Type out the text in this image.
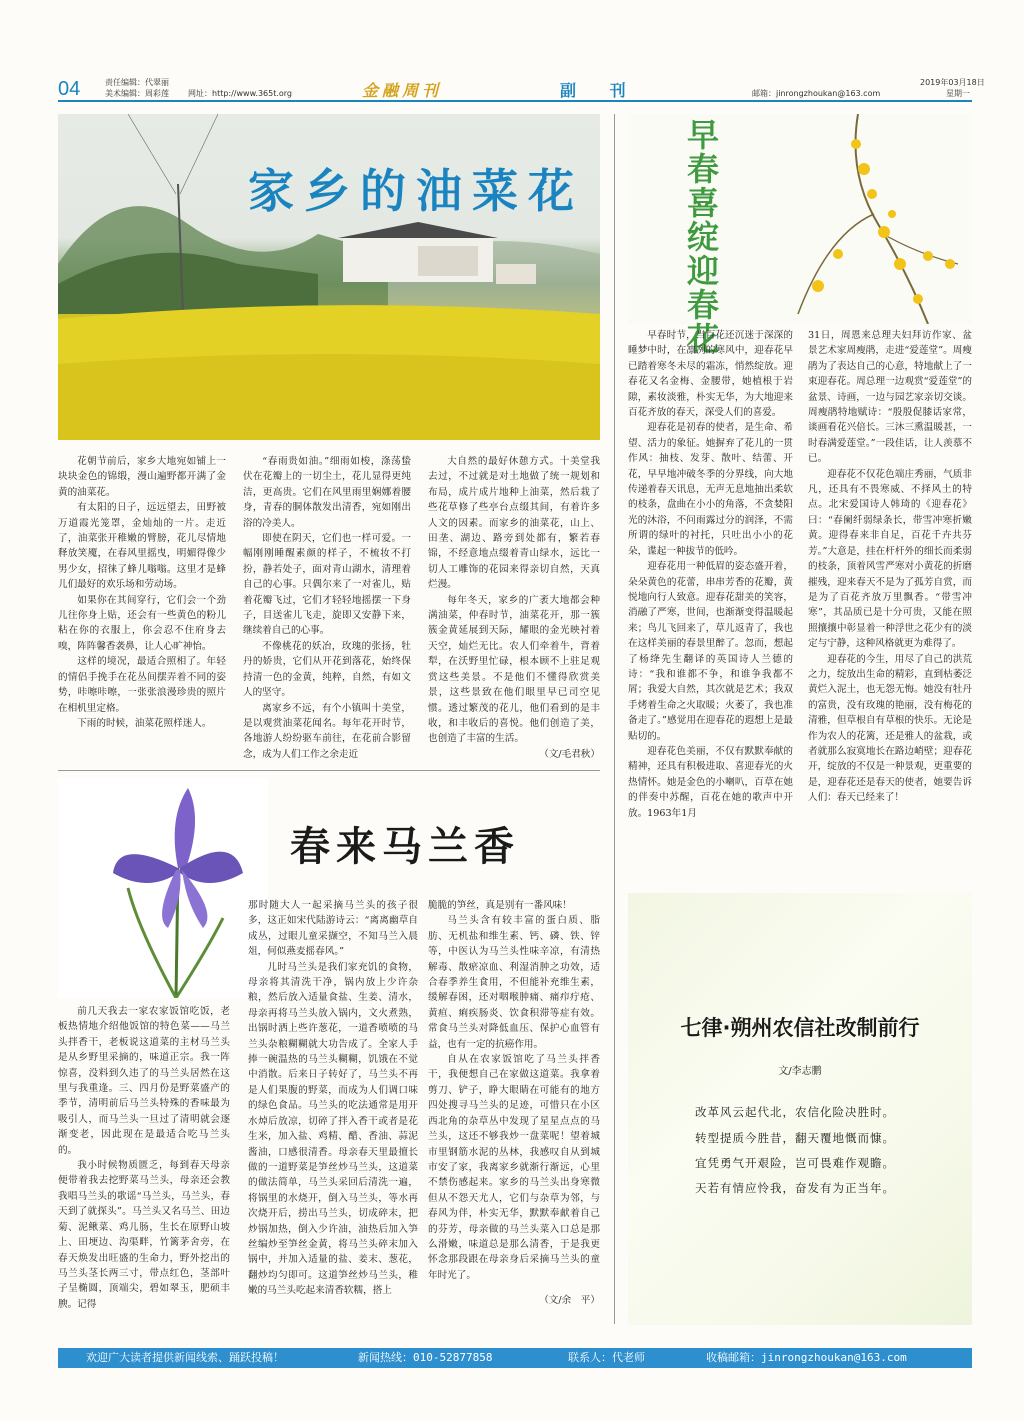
04	责任编辑：代翠丽
美术编辑：周彩莲 网址：http://www.365t.org	金融周刊	副 刊	邮箱：jinrongzhoukan@163.com
2019年03月18日
星期一
家乡的油菜花

花朝节前后，家乡大地宛如铺上一块块金色的锦缎，漫山遍野都开满了金黄的油菜花。

有太阳的日子，远远望去，田野被万道霞光笼罩，金灿灿的一片。走近了，油菜张开稚嫩的臂膀，花儿尽情地释放笑魇，在春风里摇曳，明媚得像少男少女，招徕了蜂儿嗡嗡。这里才是蜂儿们最好的欢乐场和劳动场。

如果你在其间穿行，它们会一个劲儿往你身上贴，还会有一些黄色的粉儿粘在你的衣服上，你会忍不住府身去嗅，阵阵馨香袭鼻，让人心旷神怡。

这样的境况，最适合照相了。年轻的情侣手挽手在花丛间摆弄着不同的姿势，咔嚓咔嚓，一张张浪漫珍贵的照片在相机里定格。

下雨的时候，油菜花照样迷人。

“春雨贵如油。”细雨如梭，涤荡蛰伏在花瓣上的一切尘土，花儿显得更纯洁，更高贵。它们在风里雨里娴娜着腰身，青春的胴体散发出清香，宛如刚出浴的冷美人。

即使在阴天，它们也一样可爱。一幅刚刚睡醒素颜的样子，不梳妆不打扮，静若处子，面对青山湖水，清理着自己的心事。只偶尔来了一对雀儿，贴着花瓣飞过，它们才轻轻地摇摆一下身子，目送雀儿飞走，旋即又安静下来，继续着自己的心事。

不像桃花的妖冶，玫瑰的张扬，牡丹的娇贵，它们从开花到落花，始终保持清一色的金黄，纯粹，自然，有如文人的坚守。

离家乡不远，有个小镇叫十美堂，是以观赏油菜花闻名。每年花开时节，各地游人纷纷驱车前往，在花前合影留念，成为人们工作之余走近

大自然的最好休憩方式。十美堂我去过，不过就是对土地做了统一规划和布局，成片成片地种上油菜，然后栽了些花草修了些亭台点缀其间，有着许多人文的因素。而家乡的油菜花，山上、田垄、湖边、路旁到处都有，繁若春锦，不经意地点缀着青山绿水，远比一切人工雕饰的花园来得亲切自然，天真烂漫。

每年冬天，家乡的广袤大地都会种满油菜，仲春时节，油菜花开，那一簇簇金黄延展到天际，耀眼的金光映衬着天空，灿烂无比。农人们牵着牛，背着犁，在沃野里忙碌，根本顾不上驻足观赏这些美景。不是他们不懂得欣赏美景，这些景致在他们眼里早已司空见惯。透过繁茂的花儿，他们看到的是丰收，和丰收后的喜悦。他们创造了美，也创造了丰富的生活。

（文/毛君秋）
早春喜绽迎春花

早春时节，当百花还沉迷于深深的睡梦中时，在凛冽的寒风中，迎春花早已踏着寒冬未尽的霜冻，悄然绽放。迎春花又名金梅、金腰带，她植根于岩隙，素妆淡雅，朴实无华，为大地迎来百花齐放的春天，深受人们的喜爱。

迎春花是初春的使者，是生命、希望、活力的象征。她摒弃了花儿的一贯作风：抽枝、发芽、散叶、结蕾、开花，早早地冲破冬季的分界线，向大地传递着春天讯息，无声无息地抽出柔软的枝条，盘曲在小小的角落，不贪婪阳光的沐浴，不问雨露过分的润泽，不需所谓的绿叶的衬托，只吐出小小的花朵，谍起一种拔节的低吟。

迎春花用一种低眉的姿态盛开着，朵朵黄色的花蕾，串串芳香的花瓣，黄悦地向行人致意。迎春花甜美的笑容，消融了严寒，世间，也渐渐变得温暖起来；鸟儿飞回来了，草儿返青了，我也在这样美丽的春景里醉了。忽而，想起了杨绛先生翻译的英国诗人兰德的诗：“我和谁都不争，和谁争我都不屑；我爱大自然，其次就是艺术；我双手烤着生命之火取暖；火萎了，我也准备走了。”感觉用在迎春花的遐想上是最贴切的。

迎春花色美丽，不仅有默默奉献的精神，还具有积极进取、喜迎春光的火热情怀。她是金色的小喇叭，百草在她的伴奏中苏醒，百花在她的歌声中开放。1963年1月

31日，周恩来总理夫妇拜访作家、盆景艺术家周瘦鹃，走进“爱莲堂”。周瘦鹃为了表达自己的心意，特地献上了一束迎春花。周总理一边观赏“爱莲堂”的盆景、诗画，一边与园艺家亲切交谈。周瘦鹃特地赋诗：“殷殷促膝话家常，谈画看花兴倍长。三沐三熏温暖甚，一时春满爱莲堂。”一段佳话，让人羡慕不已。

迎春花不仅花色端庄秀丽，气质非凡，还具有不畏寒威、不择风土的特点。北宋爱国诗人韩琦的《迎春花》曰：“春阑纤弱绿条长，带雪冲寒折嫩黄。迎得春来非自足，百花千卉共芬芳。”大意是，挂在杆杆外的细长而柔弱的枝条，顶着风雪严寒对小黄花的折磨摧残，迎来春天不是为了孤芳自赏，而是为了百花齐放万里飘香。“带雪冲寒”，其品质已是十分可贵，又能在照照攘攘中彰显着一种浮世之花少有的淡定与宁静，这种风格就更为难得了。

迎春花的今生，用尽了自己的洪荒之力，绽放出生命的精彩，直到枯萎泛黄烂入泥土，也无怨无悔。她没有牡丹的富贵，没有玫瑰的艳丽，没有梅花的清雅，但草根自有草根的快乐。无论是作为农人的花篱，还是雅人的盆栽，或者就那么寂寞地长在路边峭壁；迎春花开，绽放的不仅是一种景观，更重要的是，迎春花还是春天的使者，她要告诉人们：春天已经来了！

春来马兰香

前几天我去一家农家饭馆吃饭，老板热情地介绍他饭馆的特色菜——马兰头拌香干，老板说这道菜的主材马兰头是从乡野里采摘的，味道正宗。我一阵惊喜，没料到久违了的马兰头居然在这里与我重逢。三、四月份是野菜盛产的季节，清明前后马兰头特殊的香味最为吸引人，而马兰头一旦过了清明就会逐渐变老，因此现在是最适合吃马兰头的。

我小时候物质匮乏，每到春天母亲便带着我去挖野菜马兰头，母亲还会教我唱马兰头的歌谣“马兰头，马兰头，春天到了就探头”。马兰头又名马兰、田边菊、泥鳅菜、鸡儿肠，生长在原野山坡上、田埂边、沟渠畔，竹篱茅舍旁，在春天焕发出旺盛的生命力，野外挖出的马兰头茎长两三寸，带点红色，茎部叶子呈椭圆，顶端尖，碧如翠玉，肥硕丰腴。记得

那时随大人一起采摘马兰头的孩子很多，这正如宋代陆游诗云：“离离幽草自成丛，过眼儿童采撷空，不知马兰入晨俎，何似燕麦摇春风。”

儿时马兰头是我们家充饥的食物，母亲将其清洗干净，锅内放上少许杂粮，然后放入适量食盐、生姜、清水，母亲再将马兰头放入锅内，文火煮熟，出锅时洒上些许葱花，一道香喷喷的马兰头杂粮糊糊就大功告成了。全家人手捧一碗温热的马兰头糊糊，饥饿在不觉中消散。后来日子转好了，马兰头不再是人们果腹的野菜，而成为人们调口味的绿色食品。马兰头的吃法通常是用开水焯后放凉，切碎了拌入香干或者是花生米，加入盐、鸡精、醋、香油、蒜泥酱油，口感很清香。母亲春天里最擅长做的一道野菜是笋丝炒马兰头，这道菜的做法简单，马兰头采回后清洗一遍，将锅里的水烧开，倒入马兰头，等水再次烧开后，捞出马兰头，切成碎末，把炒锅加热，倒入少许油，油热后加入笋丝编炒至笋丝金黄，将马兰头碎末加入锅中，并加入适量的盐、姜末、葱花，翻炒均匀即可。这道笋丝炒马兰头，稚嫩的马兰头吃起来清香软糯，搭上

脆脆的笋丝，真是别有一番风味！

马兰头含有较丰富的蛋白质、脂肪、无机盐和维生素、钙、磷、铁、锌等，中医认为马兰头性味辛凉，有清热解毒、散瘀凉血、利湿消肿之功效，适合春季养生食用，不但能补充维生素，缓解春困，还对咽喉肿痛、痛疖疔疮、黄疸、痢疾肠炎、饮食积滞等症有效。常食马兰头对降低血压、保护心血管有益，也有一定的抗癌作用。

自从在农家饭馆吃了马兰头拌香干，我便想自己在家做这道菜。我拿着剪刀、铲子，睁大眼睛在可能有的地方四处搜寻马兰头的足迹，可惜只在小区西北角的杂草丛中发现了星星点点的马兰头，这还不够我炒一盘菜呢！望着城市里钢筋水泥的丛林，我感叹自从到城市安了家，我离家乡就渐行渐远，心里不禁伤感起来。家乡的马兰头出身寒微但从不怨天尤人，它们与杂草为邻，与春风为伴，朴实无华，默默奉献着自己的芬芳，母亲做的马兰头菜入口总是那么滑嫩，味道总是那么清香，于是我更怀念那段跟在母亲身后采摘马兰头的童年时光了。

（文/余　平）
七律·朔州农信社改制前行
文/李志鹏
改革风云起代北，农信化险决胜时。
转型提质今胜昔，翻天覆地慨而慷。
宜凭勇气开艰险，岂可畏难作观瞻。
天若有情应怜我，奋发有为正当年。
欢迎广大读者提供新闻线索、踊跃投稿！	新闻热线：010-52877858	联系人：代老师	收稿邮箱：jinrongzhoukan@163.com
